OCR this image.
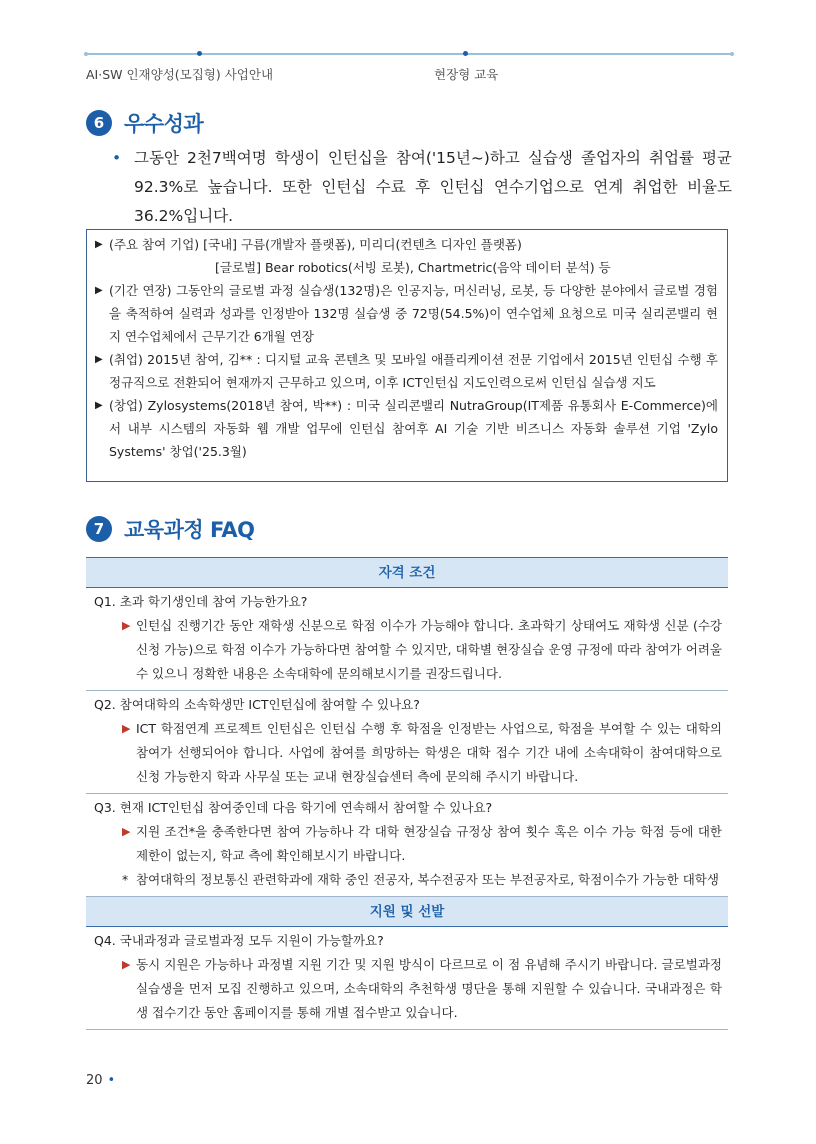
AI·SW 인재양성(모집형) 사업안내	현장형 교육
6 우수성과
• 그동안 2천7백여명 학생이 인턴십을 참여('15년~)하고 실습생 졸업자의 취업률 평균 92.3%로 높습니다. 또한 인턴십 수료 후 인턴십 연수기업으로 연계 취업한 비율도 36.2%입니다.
▶ (주요 참여 기업) [국내] 구름(개발자 플랫폼), 미리디(컨텐츠 디자인 플랫폼)
[글로벌] Bear robotics(서빙 로봇), Chartmetric(음악 데이터 분석) 등
▶ (기간 연장) 그동안의 글로벌 과정 실습생(132명)은 인공지능, 머신러닝, 로봇, 등 다양한 분야에서 글로벌 경험을 축적하여 실력과 성과를 인정받아 132명 실습생 중 72명(54.5%)이 연수업체 요청으로 미국 실리콘밸리 현지 연수업체에서 근무기간 6개월 연장
▶ (취업) 2015년 참여, 김** : 디지털 교육 콘텐츠 및 모바일 애플리케이션 전문 기업에서 2015년 인턴십 수행 후 정규직으로 전환되어 현재까지 근무하고 있으며, 이후 ICT인턴십 지도인력으로써 인턴십 실습생 지도
▶ (창업) Zylosystems(2018년 참여, 박**) : 미국 실리콘밸리 NutraGroup(IT제품 유통회사 E-Commerce)에서 내부 시스템의 자동화 웹 개발 업무에 인턴십 참여후 AI 기술 기반 비즈니스 자동화 솔루션 기업 'Zylo Systems' 창업('25.3월)
7 교육과정 FAQ
자격 조건
Q1. 초과 학기생인데 참여 가능한가요?
▶ 인턴십 진행기간 동안 재학생 신분으로 학점 이수가 가능해야 합니다. 초과학기 상태여도 재학생 신분 (수강신청 가능)으로 학점 이수가 가능하다면 참여할 수 있지만, 대학별 현장실습 운영 규정에 따라 참여가 어려울 수 있으니 정확한 내용은 소속대학에 문의해보시기를 권장드립니다.
Q2. 참여대학의 소속학생만 ICT인턴십에 참여할 수 있나요?
▶ ICT 학점연계 프로젝트 인턴십은 인턴십 수행 후 학점을 인정받는 사업으로, 학점을 부여할 수 있는 대학의 참여가 선행되어야 합니다. 사업에 참여를 희망하는 학생은 대학 접수 기간 내에 소속대학이 참여대학으로 신청 가능한지 학과 사무실 또는 교내 현장실습센터 측에 문의해 주시기 바랍니다.
Q3. 현재 ICT인턴십 참여중인데 다음 학기에 연속해서 참여할 수 있나요?
▶ 지원 조건*을 충족한다면 참여 가능하나 각 대학 현장실습 규정상 참여 횟수 혹은 이수 가능 학점 등에 대한 제한이 없는지, 학교 측에 확인해보시기 바랍니다.
* 참여대학의 정보통신 관련학과에 재학 중인 전공자, 복수전공자 또는 부전공자로, 학점이수가 가능한 대학생
지원 및 선발
Q4. 국내과정과 글로벌과정 모두 지원이 가능할까요?
▶ 동시 지원은 가능하나 과정별 지원 기간 및 지원 방식이 다르므로 이 점 유념해 주시기 바랍니다. 글로벌과정 실습생을 먼저 모집 진행하고 있으며, 소속대학의 추천학생 명단을 통해 지원할 수 있습니다. 국내과정은 학생 접수기간 동안 홈페이지를 통해 개별 접수받고 있습니다.
20 •
